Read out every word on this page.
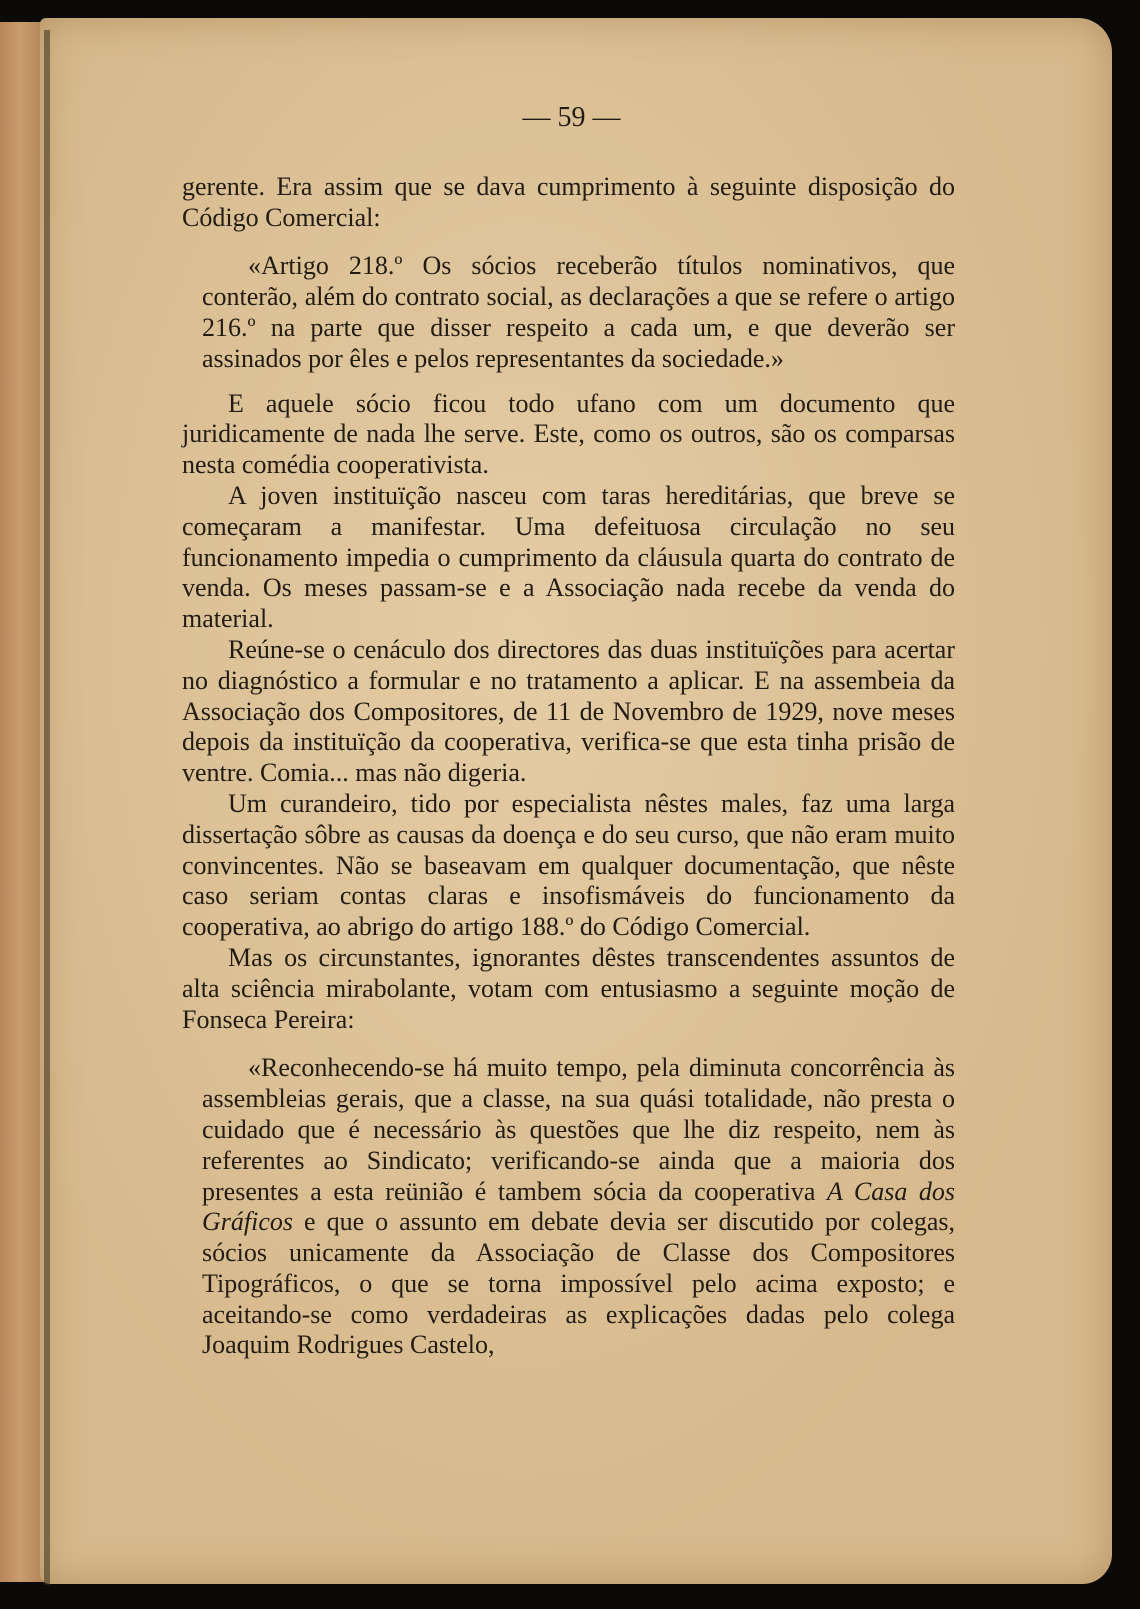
— 59 —

gerente. Era assim que se dava cumprimento à seguinte disposição do Código Comercial:

«Artigo 218.º Os sócios receberão títulos nominativos, que conterão, além do contrato social, as declarações a que se refere o artigo 216.º na parte que disser respeito a cada um, e que deverão ser assinados por êles e pelos representantes da sociedade.»

E aquele sócio ficou todo ufano com um documento que juridicamente de nada lhe serve. Este, como os outros, são os comparsas nesta comédia cooperativista.

A joven instituïção nasceu com taras hereditárias, que breve se começaram a manifestar. Uma defeituosa circulação no seu funcionamento impedia o cumprimento da cláusula quarta do contrato de venda. Os meses passam-se e a Associação nada recebe da venda do material.

Reúne-se o cenáculo dos directores das duas instituïções para acertar no diagnóstico a formular e no tratamento a aplicar. E na assembeia da Associação dos Compositores, de 11 de Novembro de 1929, nove meses depois da instituïção da cooperativa, verifica-se que esta tinha prisão de ventre. Comia... mas não digeria.

Um curandeiro, tido por especialista nêstes males, faz uma larga dissertação sôbre as causas da doença e do seu curso, que não eram muito convincentes. Não se baseavam em qualquer documentação, que nêste caso seriam contas claras e insofismáveis do funcionamento da cooperativa, ao abrigo do artigo 188.º do Código Comercial.

Mas os circunstantes, ignorantes dêstes transcendentes assuntos de alta sciência mirabolante, votam com entusiasmo a seguinte moção de Fonseca Pereira:

«Reconhecendo-se há muito tempo, pela diminuta concorrência às assembleias gerais, que a classe, na sua quási totalidade, não presta o cuidado que é necessário às questões que lhe diz respeito, nem às referentes ao Sindicato; verificando-se ainda que a maioria dos presentes a esta reünião é tambem sócia da cooperativa A Casa dos Gráficos e que o assunto em debate devia ser discutido por colegas, sócios unicamente da Associação de Classe dos Compositores Tipográficos, o que se torna impossível pelo acima exposto; e aceitando-se como verdadeiras as explicações dadas pelo colega Joaquim Rodrigues Castelo,
